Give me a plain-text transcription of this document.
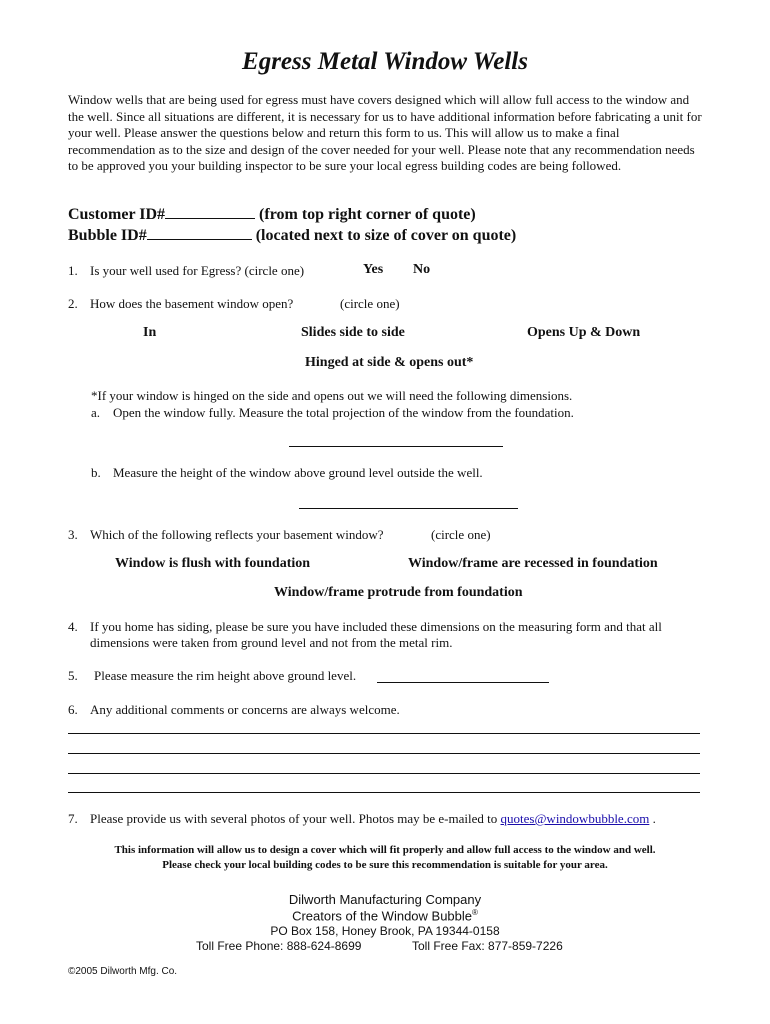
Egress Metal Window Wells
Window wells that are being used for egress must have covers designed which will allow full access to the window and the well. Since all situations are different, it is necessary for us to have additional information before fabricating a unit for your well. Please answer the questions below and return this form to us. This will allow us to make a final recommendation as to the size and design of the cover needed for your well. Please note that any recommendation needs to be approved you your building inspector to be sure your local egress building codes are being followed.
Customer ID#	(from top right corner of quote)
Bubble ID#	(located next to size of cover on quote)
1. Is your well used for Egress? (circle one)	Yes No
2. How does the basement window open?	(circle one)
In	Slides side to side	Opens Up & Down
Hinged at side & opens out*
*If your window is hinged on the side and opens out we will need the following dimensions.
a. Open the window fully. Measure the total projection of the window from the foundation.
b. Measure the height of the window above ground level outside the well.
3. Which of the following reflects your basement window?	(circle one)
Window is flush with foundation	Window/frame are recessed in foundation
Window/frame protrude from foundation
4. If you home has siding, please be sure you have included these dimensions on the measuring form and that all
dimensions were taken from ground level and not from the metal rim.
5. Please measure the rim height above ground level.
6. Any additional comments or concerns are always welcome.
7. Please provide us with several photos of your well. Photos may be e-mailed to quotes@windowbubble.com .
This information will allow us to design a cover which will fit properly and allow full access to the window and well.
Please check your local building codes to be sure this recommendation is suitable for your area.
Dilworth Manufacturing Company
Creators of the Window Bubble®
PO Box 158, Honey Brook, PA 19344-0158
Toll Free Phone: 888-624-8699	Toll Free Fax: 877-859-7226
©2005 Dilworth Mfg. Co.
